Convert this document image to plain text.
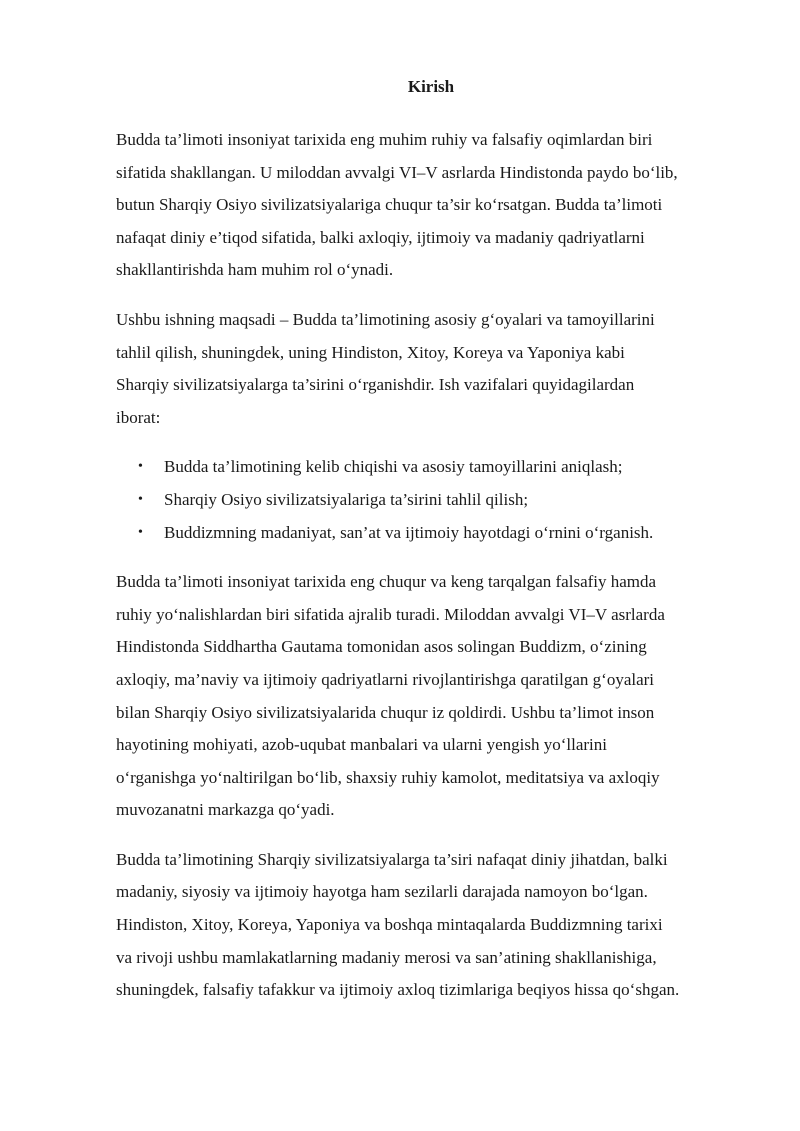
Kirish

Budda ta’limoti insoniyat tarixida eng muhim ruhiy va falsafiy oqimlardan biri
sifatida shakllangan. U miloddan avvalgi VI–V asrlarda Hindistonda paydo bo‘lib,
butun Sharqiy Osiyo sivilizatsiyalariga chuqur ta’sir ko‘rsatgan. Budda ta’limoti
nafaqat diniy e’tiqod sifatida, balki axloqiy, ijtimoiy va madaniy qadriyatlarni
shakllantirishda ham muhim rol o‘ynadi.

Ushbu ishning maqsadi – Budda ta’limotining asosiy g‘oyalari va tamoyillarini
tahlil qilish, shuningdek, uning Hindiston, Xitoy, Koreya va Yaponiya kabi
Sharqiy sivilizatsiyalarga ta’sirini o‘rganishdir. Ish vazifalari quyidagilardan
iborat:

• Budda ta’limotining kelib chiqishi va asosiy tamoyillarini aniqlash;
• Sharqiy Osiyo sivilizatsiyalariga ta’sirini tahlil qilish;
• Buddizmning madaniyat, san’at va ijtimoiy hayotdagi o‘rnini o‘rganish.

Budda ta’limoti insoniyat tarixida eng chuqur va keng tarqalgan falsafiy hamda
ruhiy yo‘nalishlardan biri sifatida ajralib turadi. Miloddan avvalgi VI–V asrlarda
Hindistonda Siddhartha Gautama tomonidan asos solingan Buddizm, o‘zining
axloqiy, ma’naviy va ijtimoiy qadriyatlarni rivojlantirishga qaratilgan g‘oyalari
bilan Sharqiy Osiyo sivilizatsiyalarida chuqur iz qoldirdi. Ushbu ta’limot inson
hayotining mohiyati, azob-uqubat manbalari va ularni yengish yo‘llarini
o‘rganishga yo‘naltirilgan bo‘lib, shaxsiy ruhiy kamolot, meditatsiya va axloqiy
muvozanatni markazga qo‘yadi.

Budda ta’limotining Sharqiy sivilizatsiyalarga ta’siri nafaqat diniy jihatdan, balki
madaniy, siyosiy va ijtimoiy hayotga ham sezilarli darajada namoyon bo‘lgan.
Hindiston, Xitoy, Koreya, Yaponiya va boshqa mintaqalarda Buddizmning tarixi
va rivoji ushbu mamlakatlarning madaniy merosi va san’atining shakllanishiga,
shuningdek, falsafiy tafakkur va ijtimoiy axloq tizimlariga beqiyos hissa qo‘shgan.
